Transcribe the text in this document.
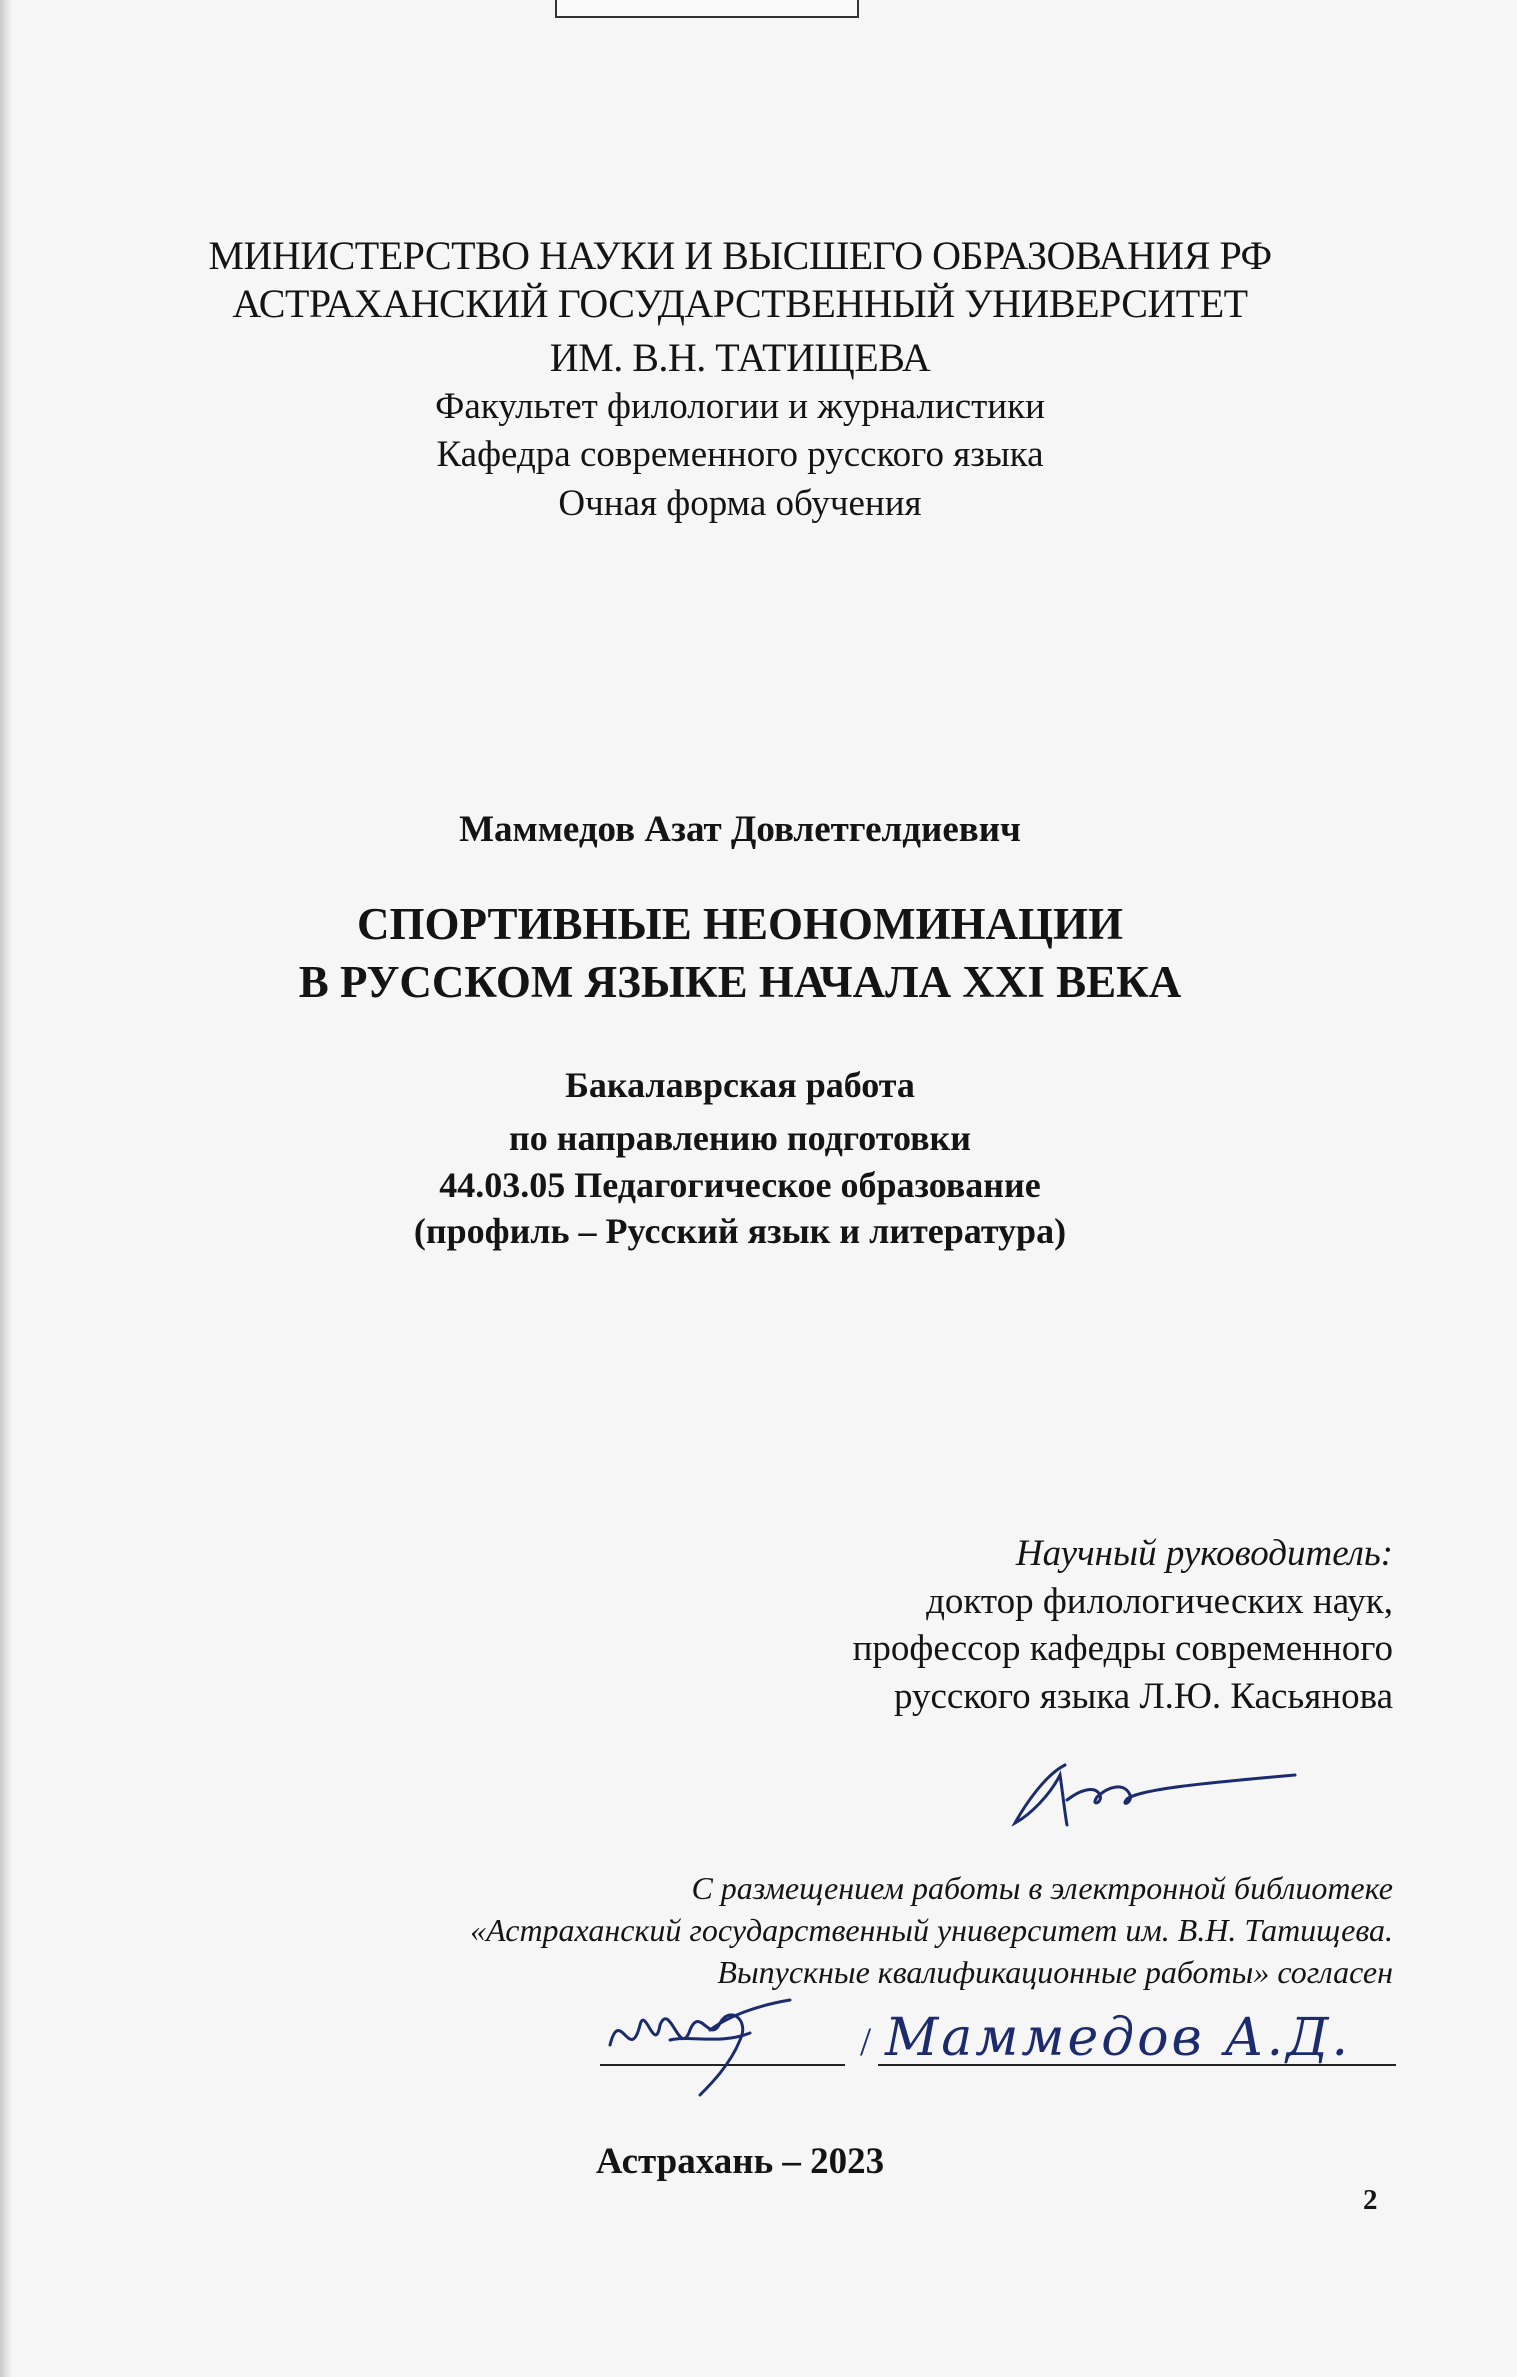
МИНИСТЕРСТВО НАУКИ И ВЫСШЕГО ОБРАЗОВАНИЯ РФ
АСТРАХАНСКИЙ ГОСУДАРСТВЕННЫЙ УНИВЕРСИТЕТ
ИМ. В.Н. ТАТИЩЕВА
Факультет филологии и журналистики
Кафедра современного русского языка
Очная форма обучения
Маммедов Азат Довлетгелдиевич
СПОРТИВНЫЕ НЕОНОМИНАЦИИ
В РУССКОМ ЯЗЫКЕ НАЧАЛА XXI ВЕКА
Бакалаврская работа
по направлению подготовки
44.03.05 Педагогическое образование
(профиль – Русский язык и литература)
Научный руководитель:
доктор филологических наук,
профессор кафедры современного
русского языка Л.Ю. Касьянова
С размещением работы в электронной библиотеке
«Астраханский государственный университет им. В.Н. Татищева.
Выпускные квалификационные работы» согласен
/ Маммедов А.Д.
Астрахань – 2023
2
